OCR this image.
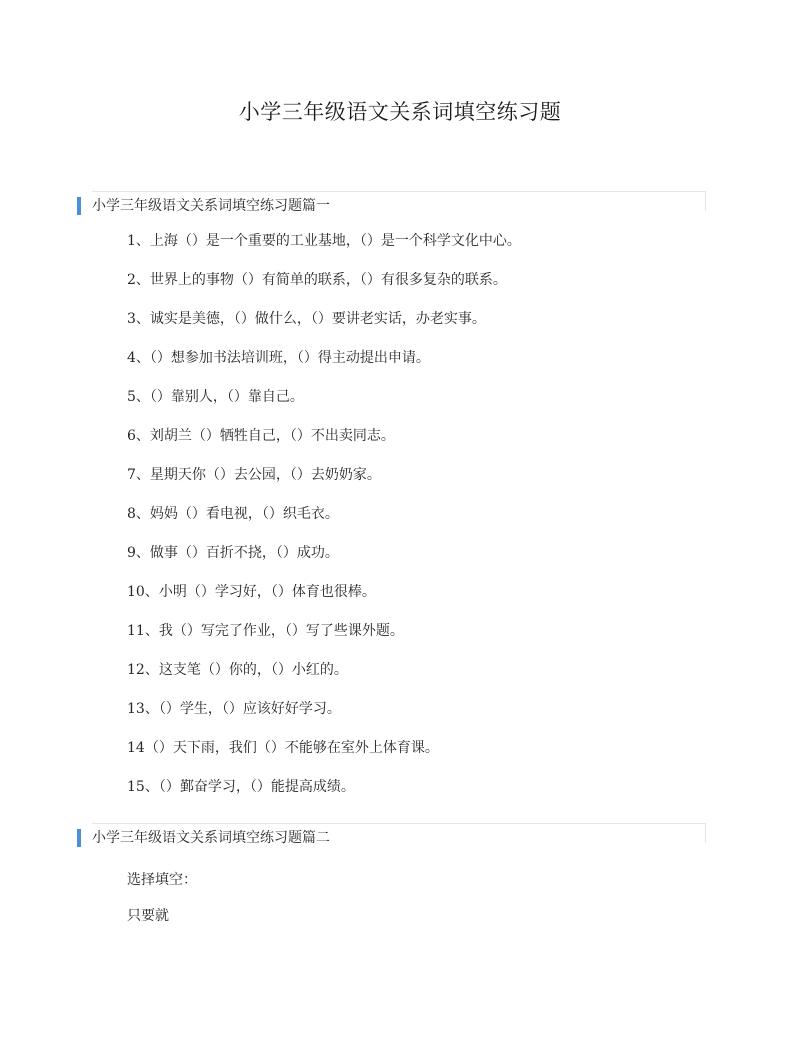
小学三年级语文关系词填空练习题
小学三年级语文关系词填空练习题篇一
1、上海（）是一个重要的工业基地，（）是一个科学文化中心。
2、世界上的事物（）有简单的联系，（）有很多复杂的联系。
3、诚实是美德，（）做什么，（）要讲老实话，办老实事。
4、（）想参加书法培训班，（）得主动提出申请。
5、（）靠别人，（）靠自己。
6、刘胡兰（）牺牲自己，（）不出卖同志。
7、星期天你（）去公园，（）去奶奶家。
8、妈妈（）看电视，（）织毛衣。
9、做事（）百折不挠，（）成功。
10、小明（）学习好，（）体育也很棒。
11、我（）写完了作业，（）写了些课外题。
12、这支笔（）你的，（）小红的。
13、（）学生，（）应该好好学习。
14（）天下雨，我们（）不能够在室外上体育课。
15、（）鄞奋学习，（）能提高成绩。
小学三年级语文关系词填空练习题篇二
选择填空：
只要就
